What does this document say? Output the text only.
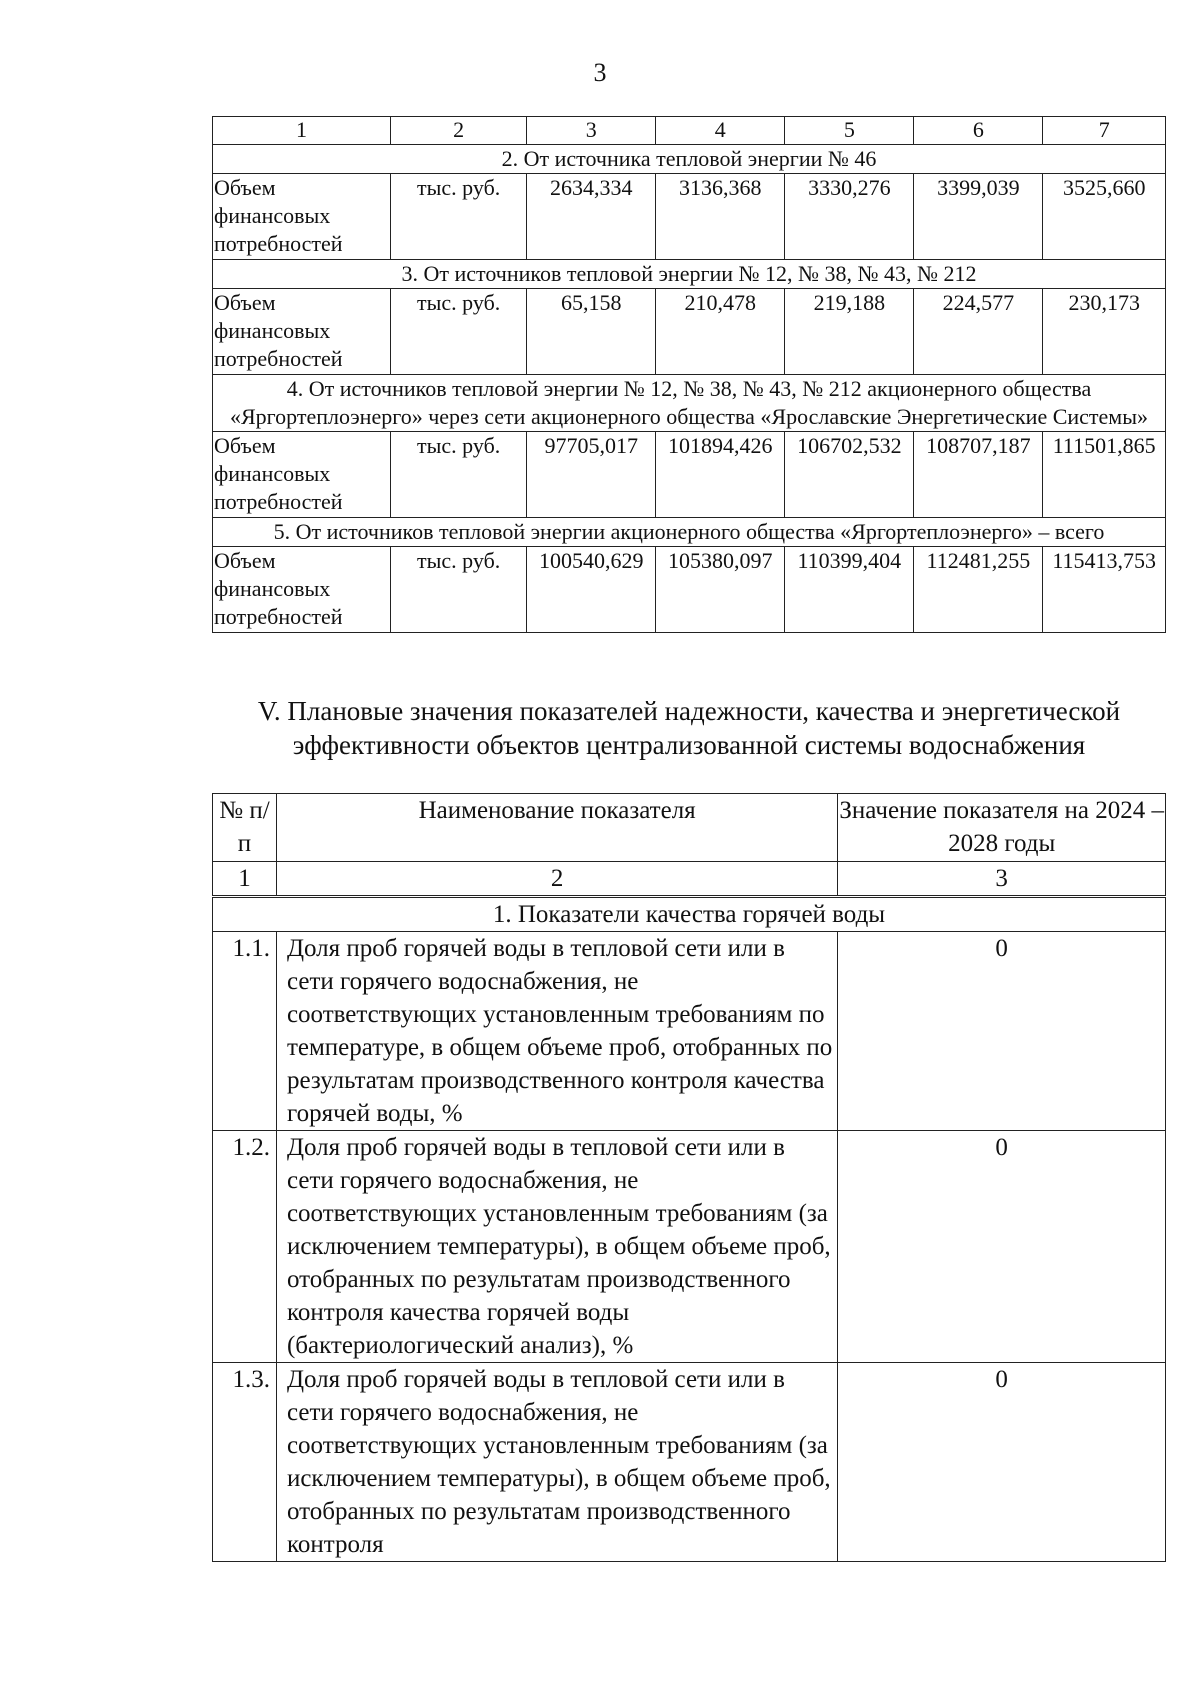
3
1	2	3	4	5	6	7
2. От источника тепловой энергии № 46						
Объем финансовых потребностей	тыс. руб.	2634,334	3136,368	3330,276	3399,039	3525,660
3. От источников тепловой энергии № 12, № 38, № 43, № 212						
Объем финансовых потребностей	тыс. руб.	65,158	210,478	219,188	224,577	230,173
4. От источников тепловой энергии № 12, № 38, № 43, № 212 акционерного общества «Яргортеплоэнерго» через сети акционерного общества «Ярославские Энергетические Системы»						
Объем финансовых потребностей	тыс. руб.	97705,017	101894,426	106702,532	108707,187	111501,865
5. От источников тепловой энергии акционерного общества «Яргортеплоэнерго» – всего						
Объем финансовых потребностей	тыс. руб.	100540,629	105380,097	110399,404	112481,255	115413,753
V. Плановые значения показателей надежности, качества и энергетической эффективности объектов централизованной системы водоснабжения
№ п/п	Наименование показателя	Значение показателя на 2024 – 2028 годы
1	2	3
1. Показатели качества горячей воды		
1.1.	Доля проб горячей воды в тепловой сети или в сети горячего водоснабжения, не соответствующих установленным требованиям по температуре, в общем объеме проб, отобранных по результатам производственного контроля качества горячей воды, %	0
1.2.	Доля проб горячей воды в тепловой сети или в сети горячего водоснабжения, не соответствующих установленным требованиям (за исключением температуры), в общем объеме проб, отобранных по результатам производственного контроля качества горячей воды (бактериологический анализ), %	0
1.3.	Доля проб горячей воды в тепловой сети или в сети горячего водоснабжения, не соответствующих установленным требованиям (за исключением температуры), в общем объеме проб, отобранных по результатам производственного контроля	0
